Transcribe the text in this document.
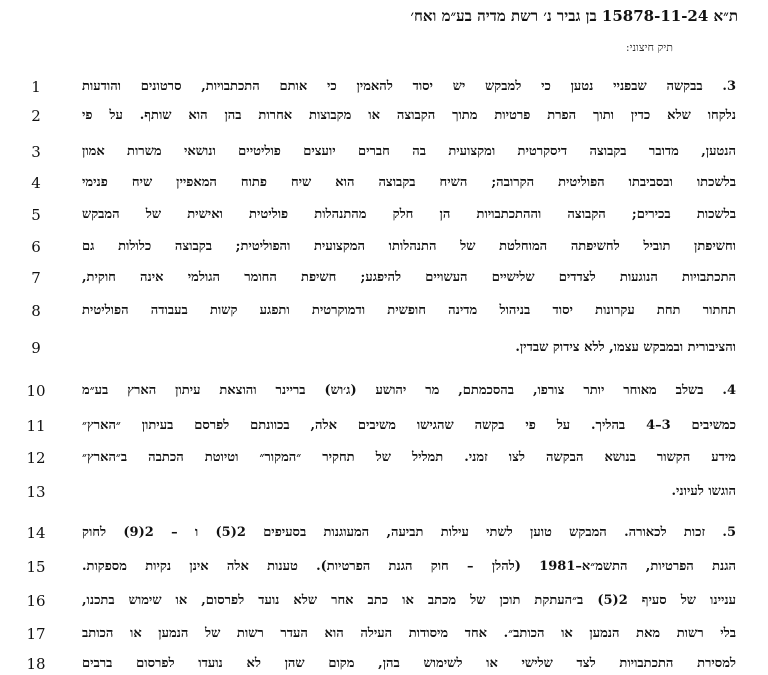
ת״א 15878-11-24 בן גביר נ׳ רשת מדיה בע״מ ואח׳
תיק חיצוני:
1	3. בבקשה שבפניי נטען כי למבקש יש יסוד להאמין כי אותם התכתבויות, סרטונים והודעות
2	נלקחו שלא כדין ותוך הפרת פרטיות מתוך הקבוצה או מקבוצות אחרות בהן הוא שותף. על פי
3	הנטען, מדובר בקבוצה דיסקרטית ומקצועית בה חברים יועצים פוליטיים ונושאי משרות אמון
4	בלשכתו ובסביבתו הפוליטית הקרובה; השיח בקבוצה הוא שיח פתוח המאפיין שיח פנימי
5	בלשכות בכירים; הקבוצה וההתכתבויות הן חלק מהתנהלות פוליטית ואישית של המבקש
6	וחשיפתן תוביל לחשיפתה המוחלטת של התנהלותו המקצועית והפוליטית; בקבוצה כלולות גם
7	התכתבויות הנוגעות לצדדים שלישיים העשויים להיפגע; חשיפת החומר הגולמי אינה חוקית,
8	תחתור תחת עקרונות יסוד בניהול מדינה חופשית ודמוקרטית ותפגע קשות בעבודה הפוליטית
9	והציבורית ובמבקש עצמו, ללא צידוק שבדין.
10	4. בשלב מאוחר יותר צורפו, בהסכמתם, מר יהושע (ג׳וש) בריינר והוצאת עיתון הארץ בע״מ
11	כמשיבים 3–4 בהליך. על פי בקשה שהגישו משיבים אלה, בכוונתם לפרסם בעיתון ״הארץ״
12	מידע הקשור בנושא הבקשה לצו זמני. תמליל של תחקיר ״המקור״ וטיוטת הכתבה ב״הארץ״
13	הוגשו לעיוני.
14	5. זכות לכאורה. המבקש טוען לשתי עילות תביעה, המעוגנות בסעיפים 2(5) ו – 2(9) לחוק
15	הגנת הפרטיות, התשמ״א–1981 (להלן – חוק הגנת הפרטיות). טענות אלה אינן נקיות מספקות.
16	עניינו של סעיף 2(5) ב״העתקת תוכן של מכתב או כתב אחר שלא נועד לפרסום, או שימוש בתכנו,
17	בלי רשות מאת הנמען או הכותב״. אחד מיסודות העילה הוא העדר רשות של הנמען או הכותב
18	למסירת התכתבויות לצד שלישי או לשימוש בהן, מקום שהן לא נועדו לפרסום ברבים
